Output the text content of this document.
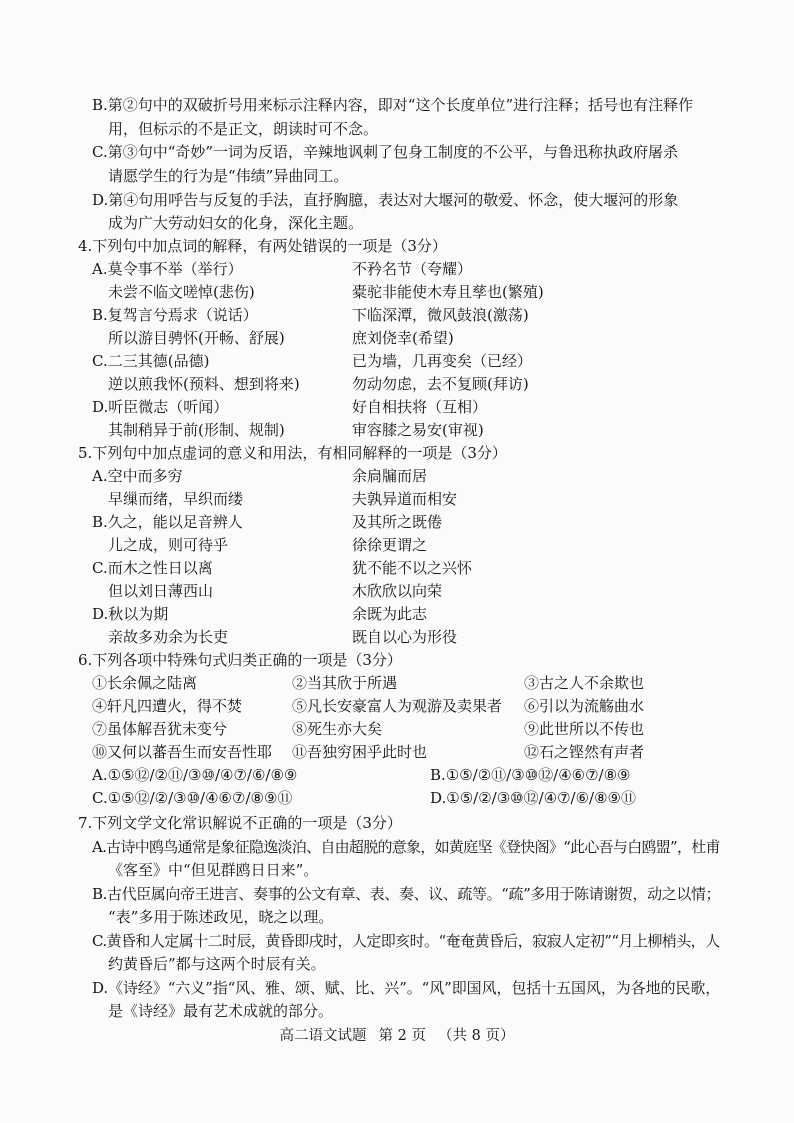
B.第②句中的双破折号用来标示注释内容，即对“这个长度单位”进行注释；括号也有注释作
用，但标示的不是正文，朗读时可不念。
C.第③句中“奇妙”一词为反语，辛辣地讽刺了包身工制度的不公平，与鲁迅称执政府屠杀
请愿学生的行为是“伟绩”异曲同工。
D.第④句用呼告与反复的手法，直抒胸臆，表达对大堰河的敬爱、怀念，使大堰河的形象
成为广大劳动妇女的化身，深化主题。
4.下列句中加点词的解释，有两处错误的一项是（3分）
A.莫令事不举（举行）	不矜名节（夸耀）
未尝不临文嗟悼(悲伤)	橐驼非能使木寿且孳也(繁殖)
B.复驾言兮焉求（说话）	下临深潭，微风鼓浪(激荡)
所以游目骋怀(开畅、舒展)	庶刘侥幸(希望)
C.二三其德(品德)	已为墙，几再变矣（已经）
逆以煎我怀(预料、想到将来)	勿动勿虑，去不复顾(拜访)
D.听臣微志（听闻）	好自相扶将（互相）
其制稍异于前(形制、规制)	审容膝之易安(审视)
5.下列句中加点虚词的意义和用法，有相同解释的一项是（3分）
A.空中而多穷	余扃牖而居
早缫而绪，早织而缕	夫孰异道而相安
B.久之，能以足音辨人	及其所之既倦
儿之成，则可待乎	徐徐更谓之
C.而木之性日以离	犹不能不以之兴怀
但以刘日薄西山	木欣欣以向荣
D.秋以为期	余既为此志
亲故多劝余为长吏	既自以心为形役
6.下列各项中特殊句式归类正确的一项是（3分）
①长余佩之陆离	②当其欣于所遇	③古之人不余欺也
④轩凡四遭火，得不焚	⑤凡长安豪富人为观游及卖果者 ⑥引以为流觞曲水
⑦虽体解吾犹未变兮	⑧死生亦大矣	⑨此世所以不传也
⑩又何以蕃吾生而安吾性耶 ⑪吾独穷困乎此时也	⑫石之铿然有声者
A.①⑤⑫/②⑪/③⑩/④⑦/⑥/⑧⑨	B.①⑤/②⑪/③⑩⑫/④⑥⑦/⑧⑨
C.①⑤⑫/②/③⑩/④⑥⑦/⑧⑨⑪	D.①⑤/②/③⑩⑫/④⑦/⑥/⑧⑨⑪
7.下列文学文化常识解说不正确的一项是（3分）
A.古诗中鸥鸟通常是象征隐逸淡泊、自由超脱的意象，如黄庭坚《登快阁》“此心吾与白鸥盟”，杜甫
《客至》中“但见群鸥日日来”。
B.古代臣属向帝王进言、奏事的公文有章、表、奏、议、疏等。“疏”多用于陈请谢贺，动之以情；
“表”多用于陈述政见，晓之以理。
C.黄昏和人定属十二时辰，黄昏即戌时，人定即亥时。“奄奄黄昏后，寂寂人定初”“月上柳梢头，人
约黄昏后”都与这两个时辰有关。
D.《诗经》“六义”指“风、雅、颂、赋、比、兴”。“风”即国风，包括十五国风，为各地的民歌，
是《诗经》最有艺术成就的部分。
高二语文试题 第 2 页 （共 8 页）
